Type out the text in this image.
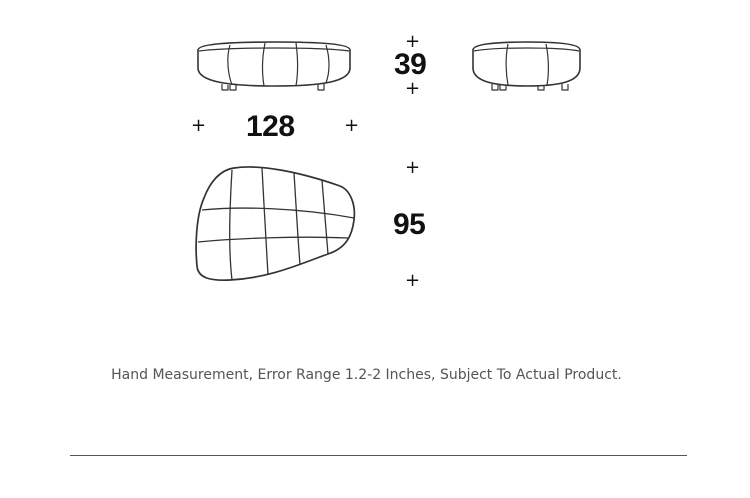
39
128
95
+
+
+	+
+
+
Hand Measurement, Error Range 1.2-2 Inches, Subject To Actual Product.
